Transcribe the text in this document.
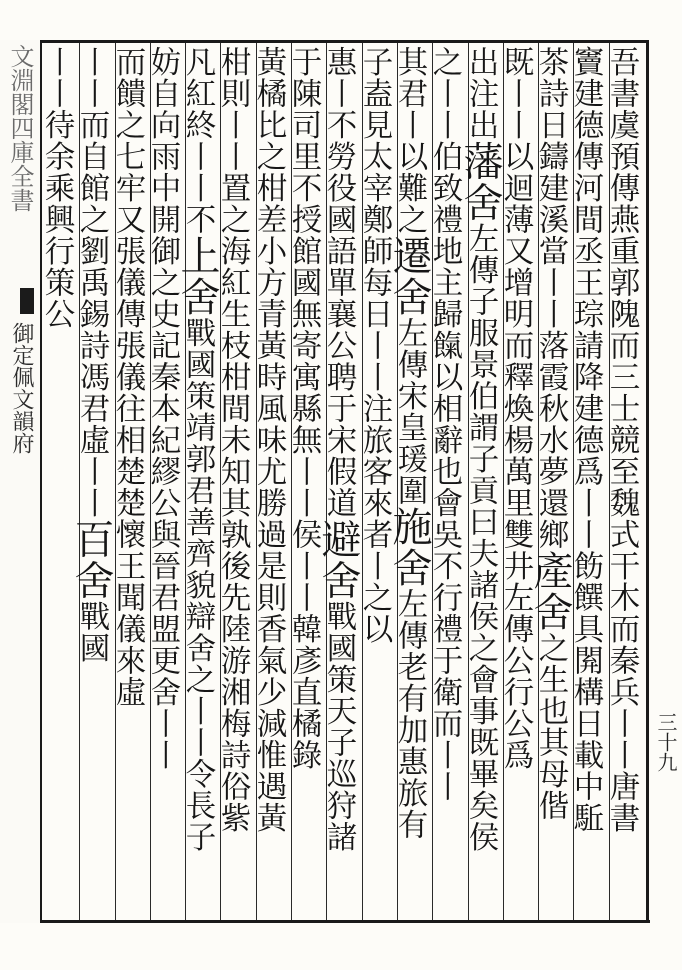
文淵閣四庫全書
御定佩文韻府
三十九
吾書虞預傳燕重郭隗而三士競至魏式干木而秦兵丨丨唐書
竇建德傳河間丞王琮請降建德爲丨丨飭饌具閞構日載中駈
茶詩日鑄建溪當丨丨落霞秋水夢還鄉產舍之生也其母偕
既丨丨以迴薄又增明而釋煥楊萬里雙井左傳公行公爲
出注出藩舍左傳子服景伯謂子貢曰夫諸侯之會事既畢矣侯
之丨丨伯致禮地主歸餼以相辭也會吳不行禮于衛而丨丨
其君丨以難之遷舍左傳宋皇瑗圍施舍左傳老有加惠旅有
子盍見太宰鄭師每日丨丨注旅客來者丨之以
惠丨不勞役國語單襄公聘于宋假道避舍戰國策天子巡狩諸
于陳司里不授館國無寄寓縣無丨丨侯丨丨韓彥直橘錄
黃橘比之柑差小方青黃時風味尤勝過是則香氣少減惟遇黃
柑則丨丨置之海紅生枝柑間未知其孰後先陸游湘梅詩俗紫
凡紅終丨丨不上舍戰國策靖郭君善齊貌辯舍之丨丨令長子
妨自向雨中開御之史記秦本紀繆公與晉君盟更舍丨丨
而饋之七牢又張儀傳張儀往相楚楚懷王聞儀來虛
丨丨而自館之劉禹錫詩馮君虛丨丨百舍戰國
丨丨待余乘興行策公
